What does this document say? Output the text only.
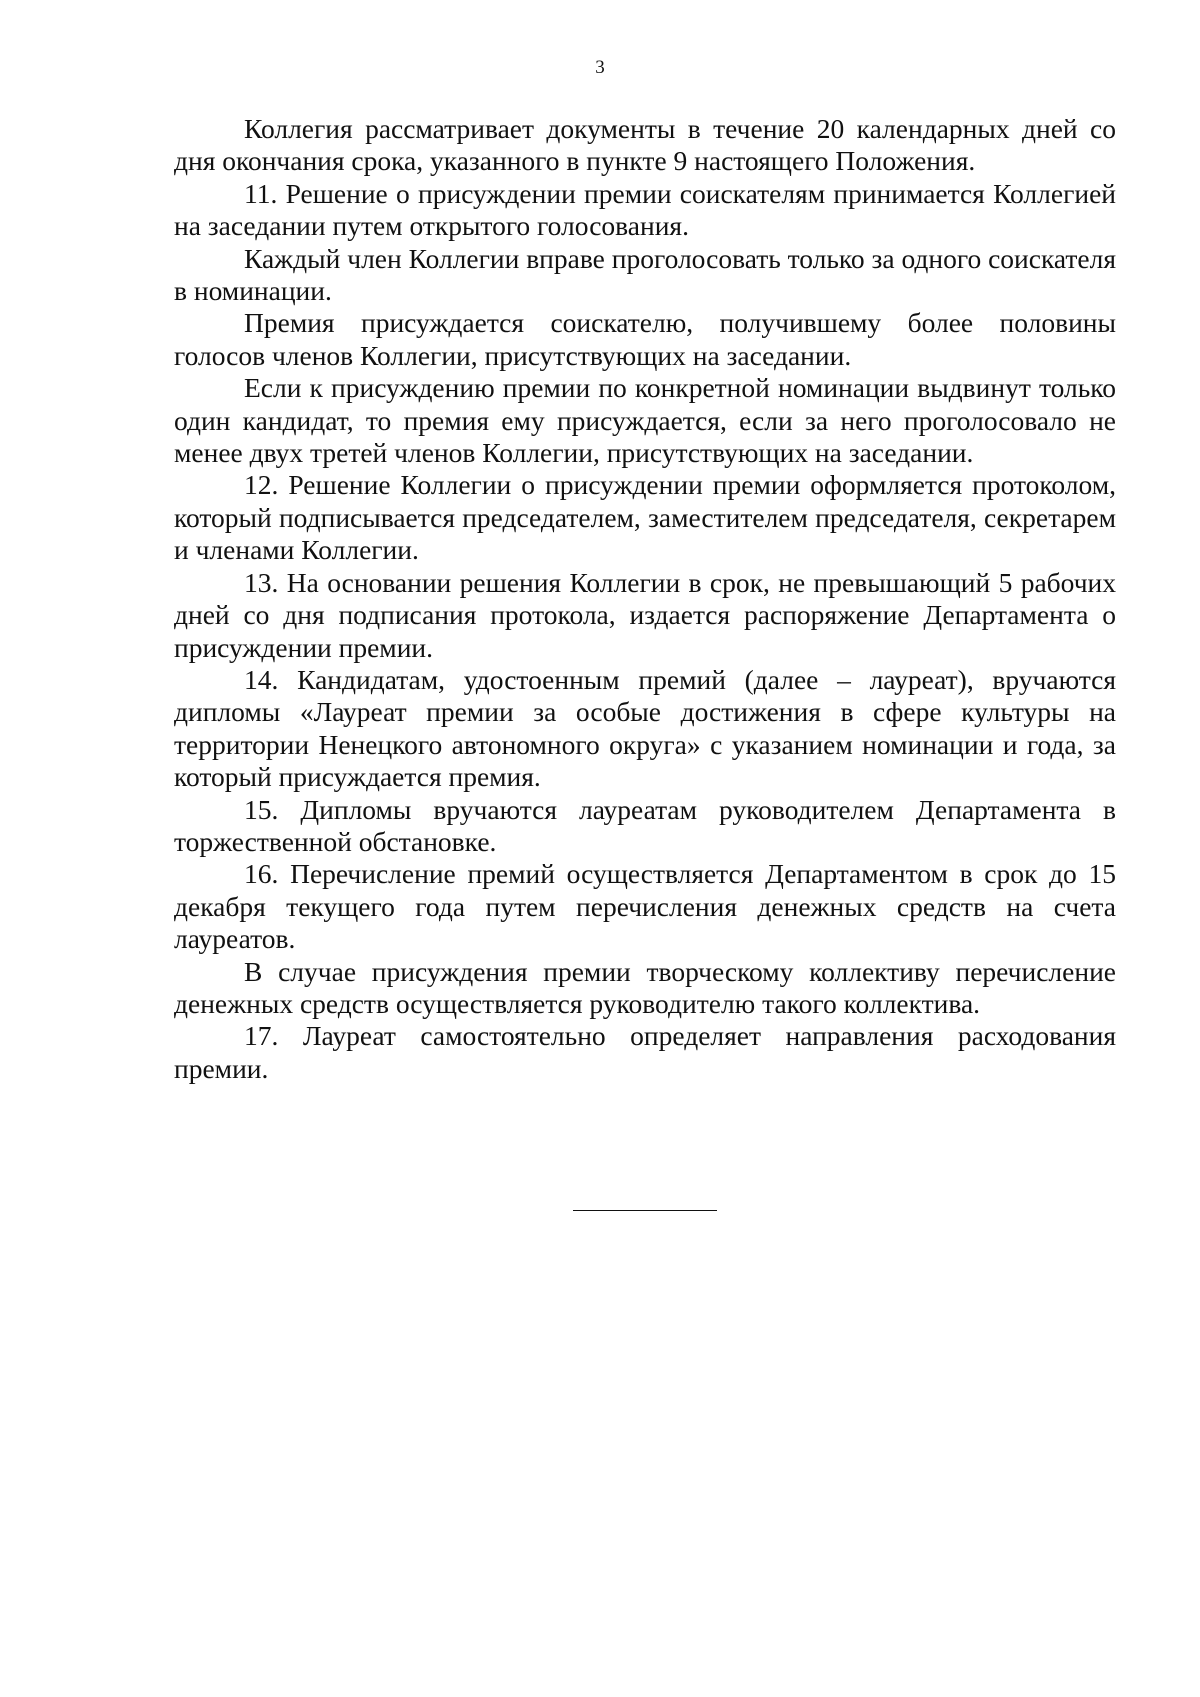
3

Коллегия рассматривает документы в течение 20 календарных дней со дня окончания срока, указанного в пункте 9 настоящего Положения.

11. Решение о присуждении премии соискателям принимается Коллегией на заседании путем открытого голосования.

Каждый член Коллегии вправе проголосовать только за одного соискателя в номинации.

Премия присуждается соискателю, получившему более половины голосов членов Коллегии, присутствующих на заседании.

Если к присуждению премии по конкретной номинации выдвинут только один кандидат, то премия ему присуждается, если за него проголосовало не менее двух третей членов Коллегии, присутствующих на заседании.

12. Решение Коллегии о присуждении премии оформляется протоколом, который подписывается председателем, заместителем председателя, секретарем и членами Коллегии.

13. На основании решения Коллегии в срок, не превышающий 5 рабочих дней со дня подписания протокола, издается распоряжение Департамента о присуждении премии.

14. Кандидатам, удостоенным премий (далее – лауреат), вручаются дипломы «Лауреат премии за особые достижения в сфере культуры на территории Ненецкого автономного округа» с указанием номинации и года, за который присуждается премия.

15. Дипломы вручаются лауреатам руководителем Департамента в торжественной обстановке.

16. Перечисление премий осуществляется Департаментом в срок до 15 декабря текущего года путем перечисления денежных средств на счета лауреатов.

В случае присуждения премии творческому коллективу перечисление денежных средств осуществляется руководителю такого коллектива.

17. Лауреат самостоятельно определяет направления расходования премии.
